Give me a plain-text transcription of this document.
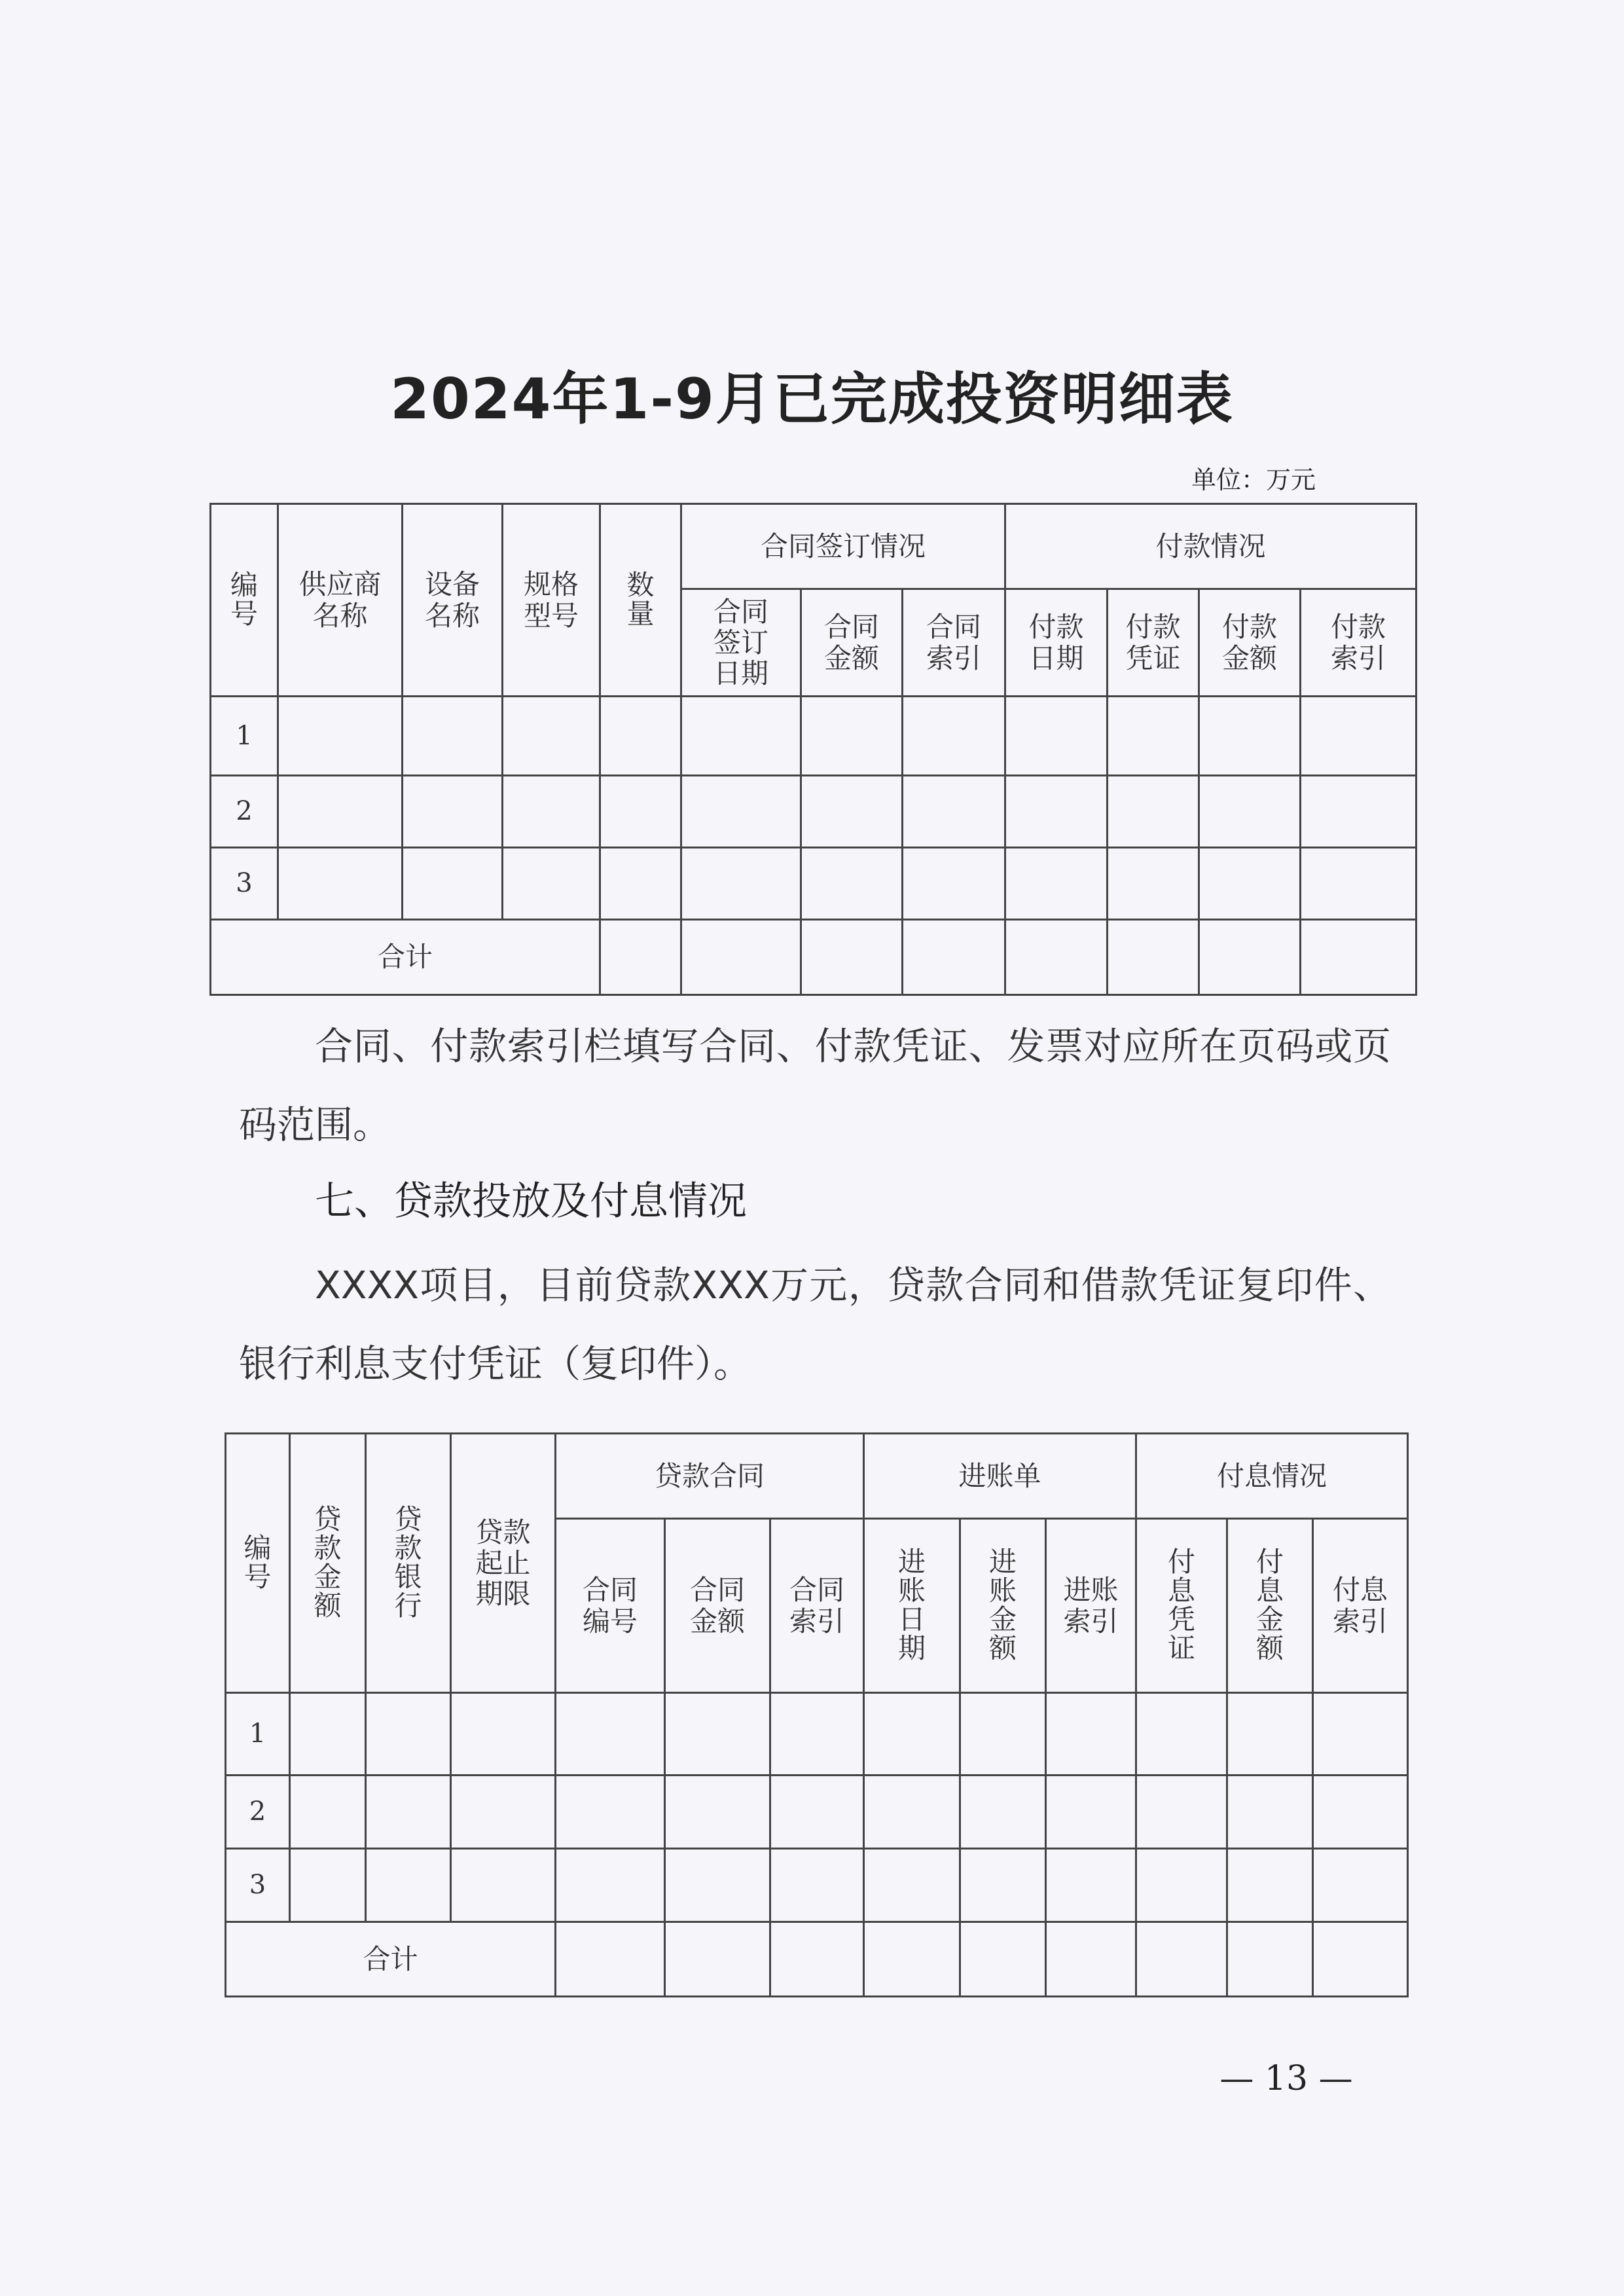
2024年1-9月已完成投资明细表
单位：万元
编号	供应商名称	设备名称	规格型号	数量	合同签订情况			付款情况			
					合同签订日期	合同金额	合同索引	付款日期	付款凭证	付款金额	付款索引
1											
2											
3											
合计											
合同、付款索引栏填写合同、付款凭证、发票对应所在页码或页码范围。
七、贷款投放及付息情况
XXXX项目，目前贷款XXX万元，贷款合同和借款凭证复印件、银行利息支付凭证（复印件）。
编号	贷款金额	贷款银行	贷款起止期限	贷款合同			进账单			付息情况		
				合同编号	合同金额	合同索引	进账日期	进账金额	进账索引	付息凭证	付息金额	付息索引
1												
2												
3												
合计												
— 13 —
